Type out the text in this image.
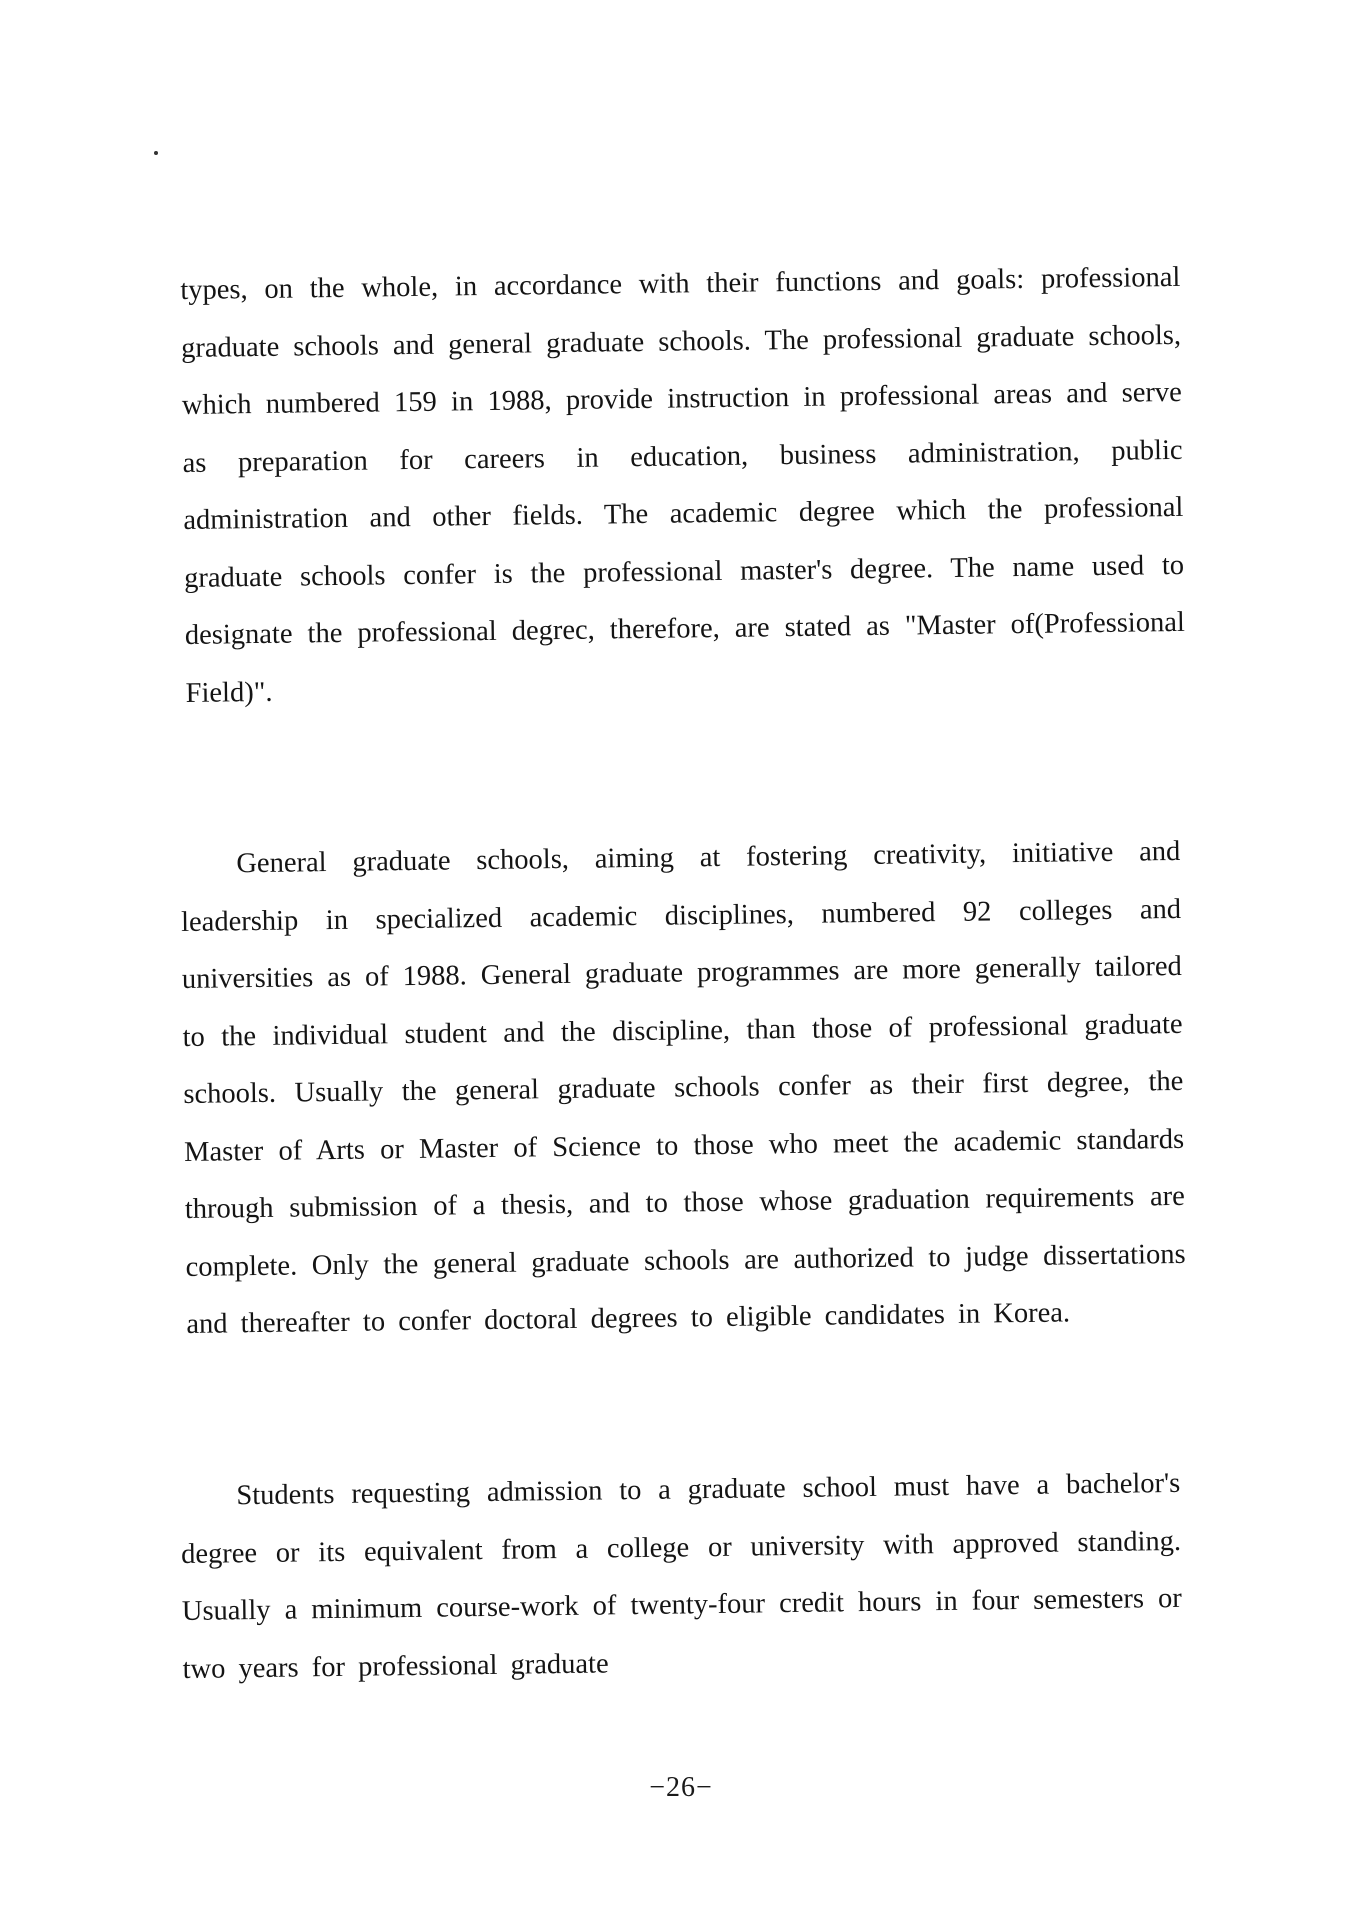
types, on the whole, in accordance with their functions and goals: professional graduate schools and general graduate schools. The professional graduate schools, which numbered 159 in 1988, provide instruction in professional areas and serve as preparation for careers in education, business administration, public administration and other fields. The academic degree which the professional graduate schools confer is the professional master's degree. The name used to designate the professional degrec, therefore, are stated as "Master of(Professional Field)".

General graduate schools, aiming at fostering creativity, initiative and leadership in specialized academic disciplines, numbered 92 colleges and universities as of 1988. General graduate programmes are more generally tailored to the individual student and the discipline, than those of professional graduate schools. Usually the general graduate schools confer as their first degree, the Master of Arts or Master of Science to those who meet the academic standards through submission of a thesis, and to those whose graduation requirements are complete. Only the general graduate schools are authorized to judge dissertations and thereafter to confer doctoral degrees to eligible candidates in Korea.

Students requesting admission to a graduate school must have a bachelor's degree or its equivalent from a college or university with approved standing. Usually a minimum course-work of twenty-four credit hours in four semesters or two years for professional graduate

−26−
